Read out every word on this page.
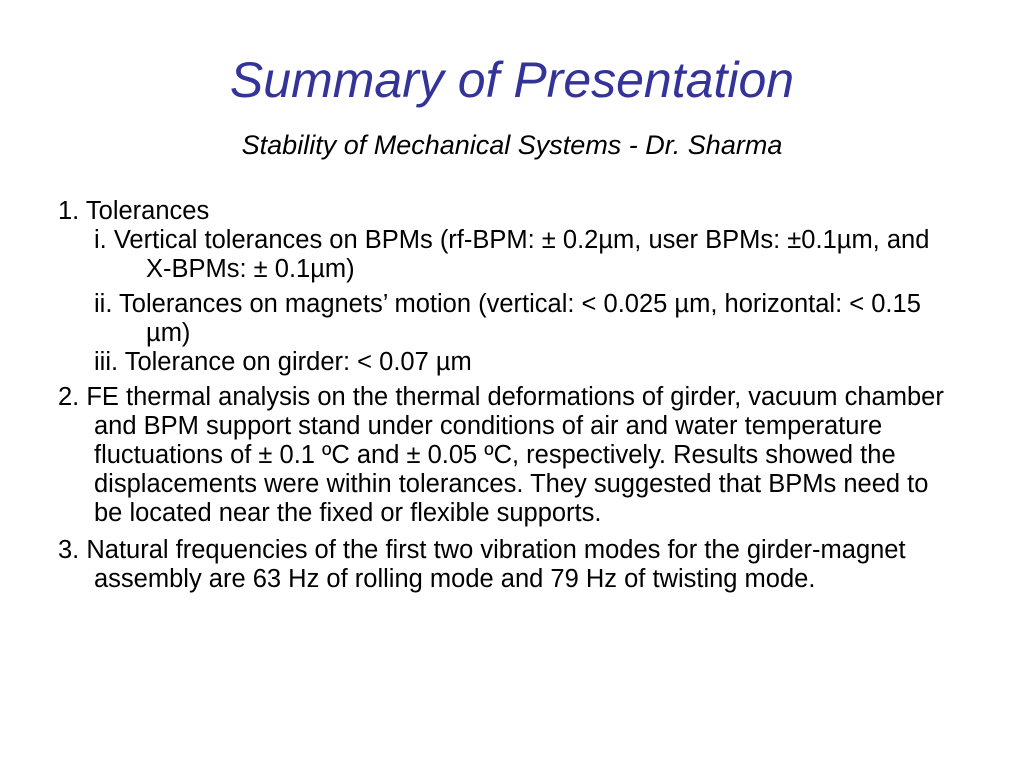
Summary of Presentation
Stability of Mechanical Systems - Dr. Sharma

1. Tolerances

i. Vertical tolerances on BPMs (rf-BPM: ± 0.2µm, user BPMs: ±0.1µm, and X-BPMs: ± 0.1µm)

ii. Tolerances on magnets’ motion (vertical: < 0.025 µm, horizontal: < 0.15 µm)

iii. Tolerance on girder: < 0.07 µm

2. FE thermal analysis on the thermal deformations of girder, vacuum chamber and BPM support stand under conditions of air and water temperature fluctuations of ± 0.1 ºC and ± 0.05 ºC, respectively. Results showed the displacements were within tolerances. They suggested that BPMs need to be located near the fixed or flexible supports.

3. Natural frequencies of the first two vibration modes for the girder-magnet assembly are 63 Hz of rolling mode and 79 Hz of twisting mode.
